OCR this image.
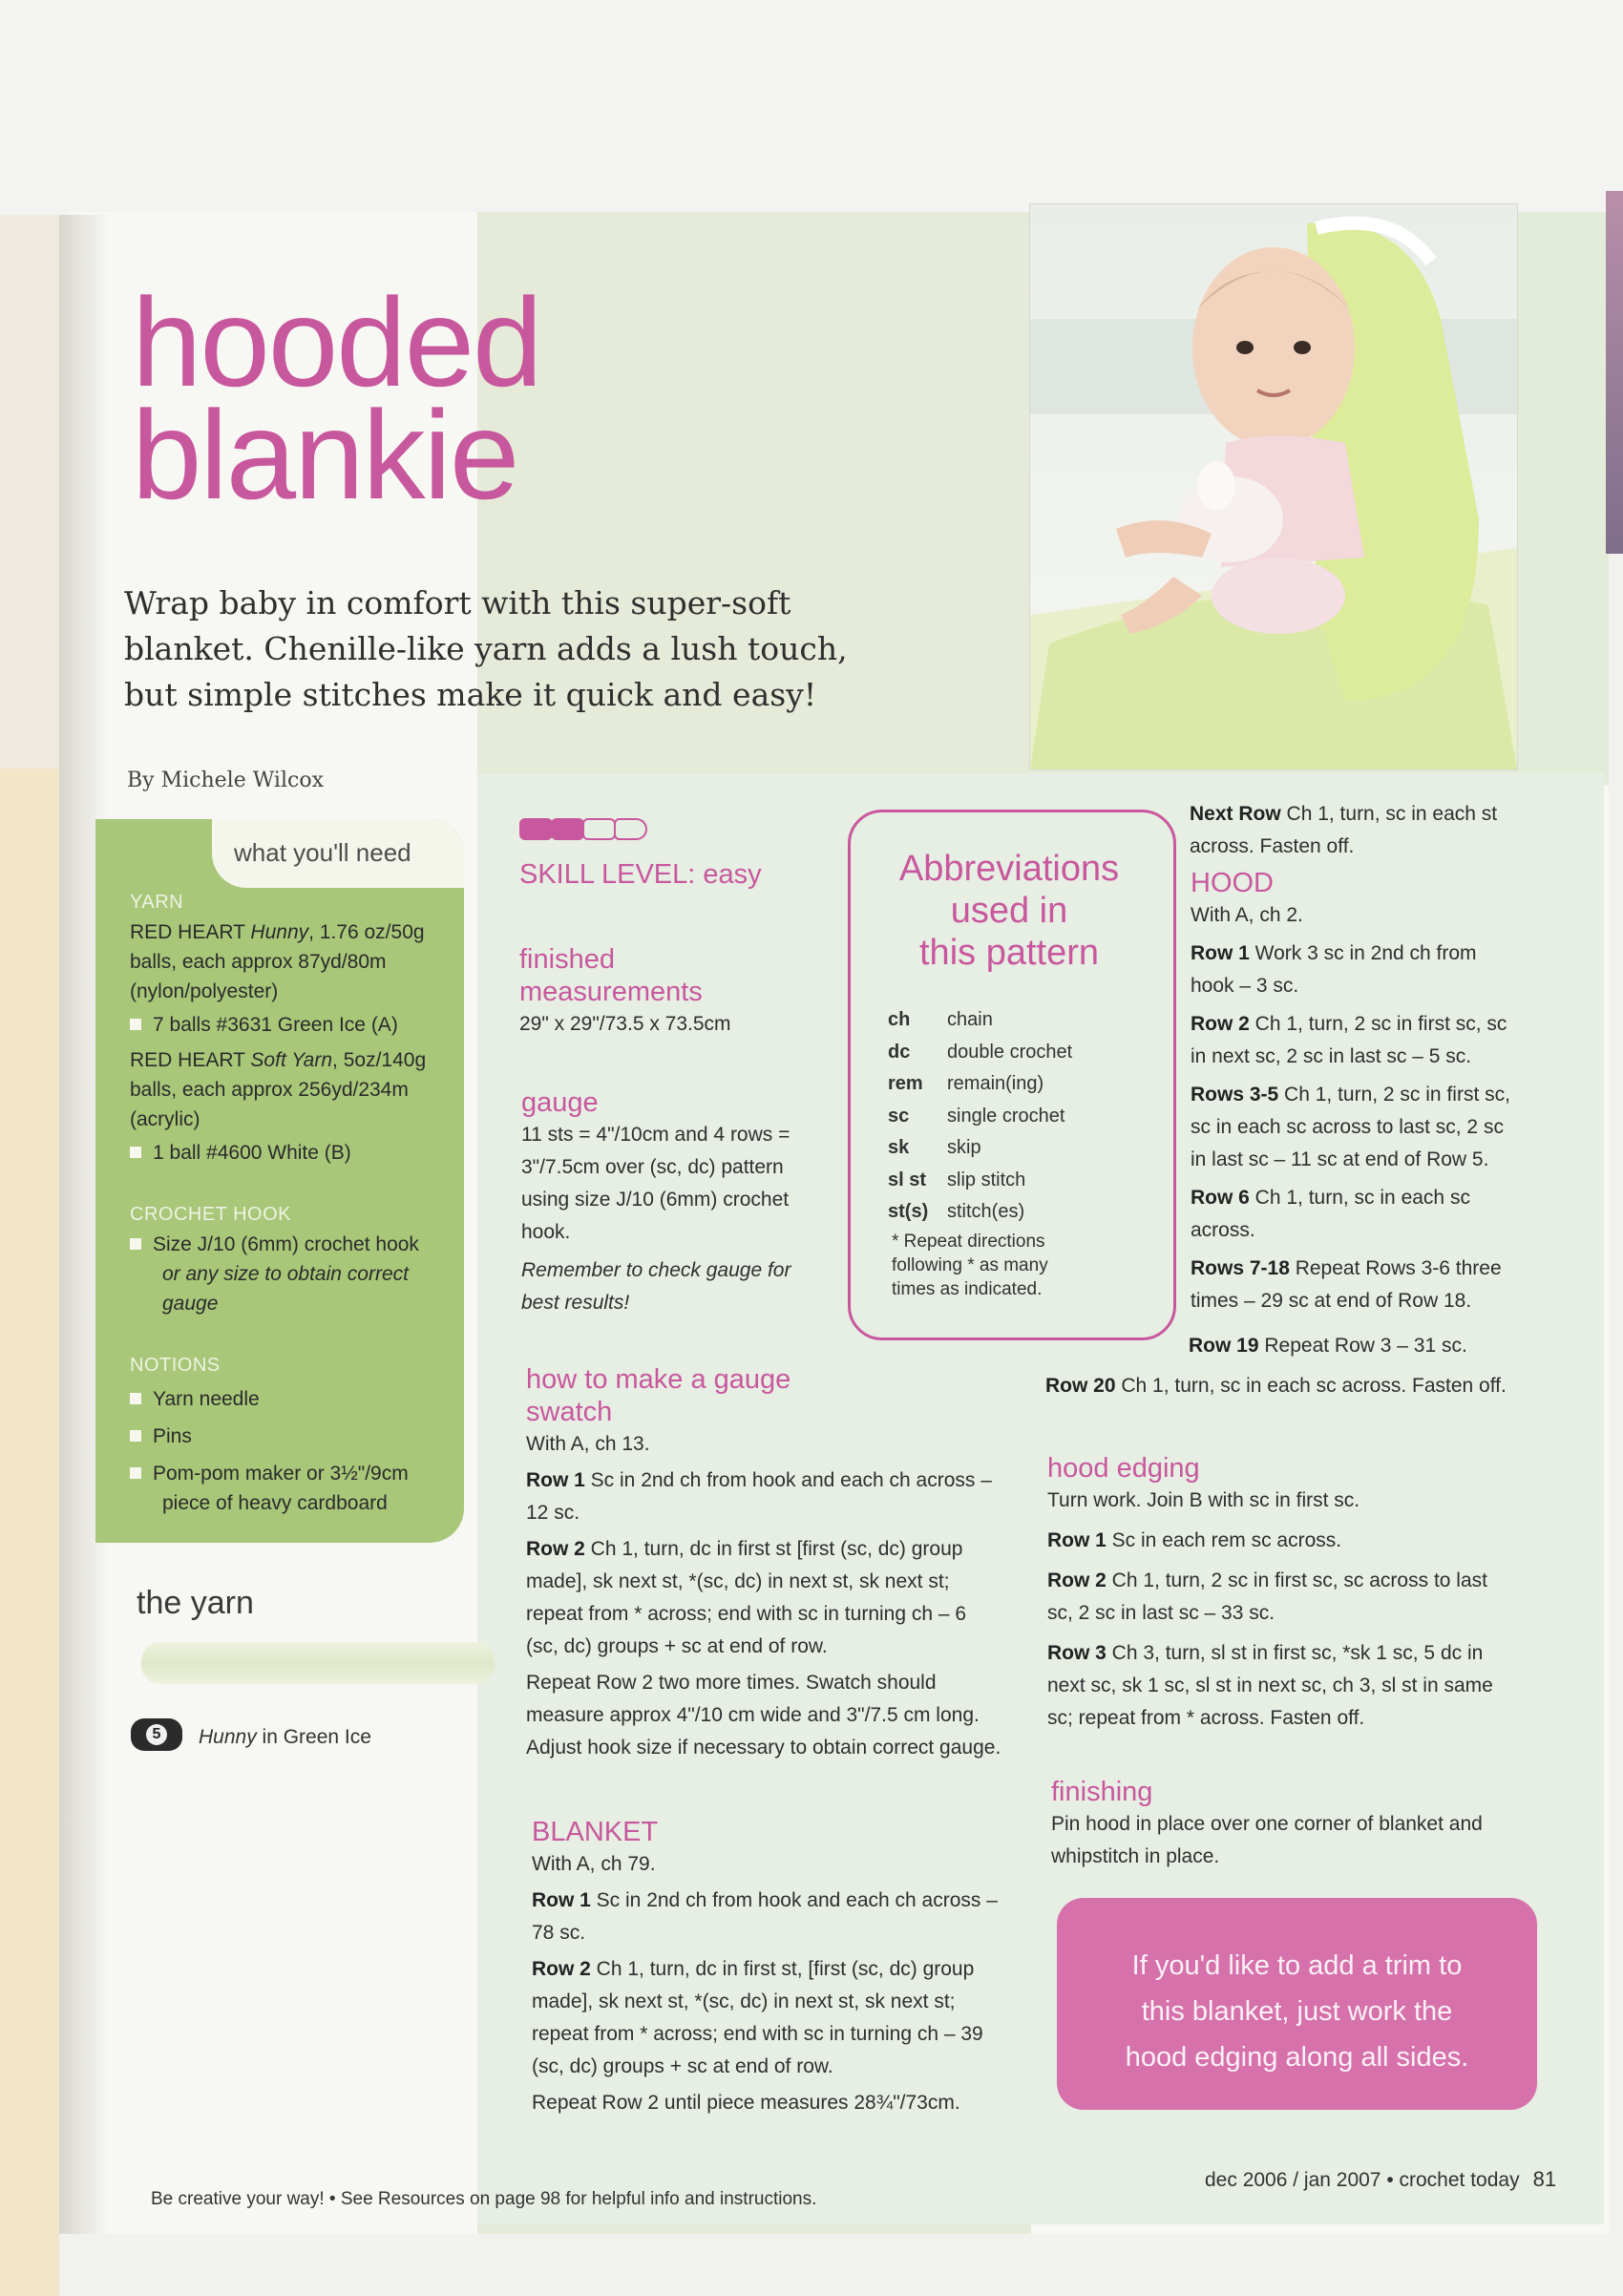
hooded
blankie
Wrap baby in comfort with this super-soft
blanket. Chenille-like yarn adds a lush touch,
but simple stitches make it quick and easy!
By Michele Wilcox
what you'll need
YARN
RED HEART Hunny, 1.76 oz/50g
balls, each approx 87yd/80m
(nylon/polyester)
7 balls #3631 Green Ice (A)
RED HEART Soft Yarn, 5oz/140g
balls, each approx 256yd/234m
(acrylic)
1 ball #4600 White (B)
CROCHET HOOK
Size J/10 (6mm) crochet hook
or any size to obtain correct
gauge
NOTIONS
Yarn needle
Pins
Pom-pom maker or 3½"/9cm
piece of heavy cardboard
the yarn
5	Hunny in Green Ice
SKILL LEVEL: easy
finished
measurements
29" x 29"/73.5 x 73.5cm
gauge
11 sts = 4"/10cm and 4 rows =
3"/7.5cm over (sc, dc) pattern
using size J/10 (6mm) crochet
hook.
Remember to check gauge for
best results!
how to make a gauge
swatch
With A, ch 13.
Row 1 Sc in 2nd ch from hook and each ch across –
12 sc.
Row 2 Ch 1, turn, dc in first st [first (sc, dc) group
made], sk next st, *(sc, dc) in next st, sk next st;
repeat from * across; end with sc in turning ch – 6
(sc, dc) groups + sc at end of row.
Repeat Row 2 two more times. Swatch should
measure approx 4"/10 cm wide and 3"/7.5 cm long.
Adjust hook size if necessary to obtain correct gauge.
BLANKET
With A, ch 79.
Row 1 Sc in 2nd ch from hook and each ch across –
78 sc.
Row 2 Ch 1, turn, dc in first st, [first (sc, dc) group
made], sk next st, *(sc, dc) in next st, sk next st;
repeat from * across; end with sc in turning ch – 39
(sc, dc) groups + sc at end of row.
Repeat Row 2 until piece measures 28¾"/73cm.
Abbreviations
used in
this pattern
ch chain
dc double crochet
rem remain(ing)
sc single crochet
sk skip
sl st slip stitch
st(s) stitch(es)
* Repeat directions
following * as many
times as indicated.
Next Row Ch 1, turn, sc in each st
across. Fasten off.
HOOD
With A, ch 2.
Row 1 Work 3 sc in 2nd ch from
hook – 3 sc.
Row 2 Ch 1, turn, 2 sc in first sc, sc
in next sc, 2 sc in last sc – 5 sc.
Rows 3-5 Ch 1, turn, 2 sc in first sc,
sc in each sc across to last sc, 2 sc
in last sc – 11 sc at end of Row 5.
Row 6 Ch 1, turn, sc in each sc
across.
Rows 7-18 Repeat Rows 3-6 three
times – 29 sc at end of Row 18.
Row 19 Repeat Row 3 – 31 sc.
Row 20 Ch 1, turn, sc in each sc across. Fasten off.
hood edging
Turn work. Join B with sc in first sc.
Row 1 Sc in each rem sc across.
Row 2 Ch 1, turn, 2 sc in first sc, sc across to last
sc, 2 sc in last sc – 33 sc.
Row 3 Ch 3, turn, sl st in first sc, *sk 1 sc, 5 dc in
next sc, sk 1 sc, sl st in next sc, ch 3, sl st in same
sc; repeat from * across. Fasten off.
finishing
Pin hood in place over one corner of blanket and
whipstitch in place.
If you'd like to add a trim to
this blanket, just work the
hood edging along all sides.
Be creative your way! • See Resources on page 98 for helpful info and instructions.
dec 2006 / jan 2007 • crochet today 81
